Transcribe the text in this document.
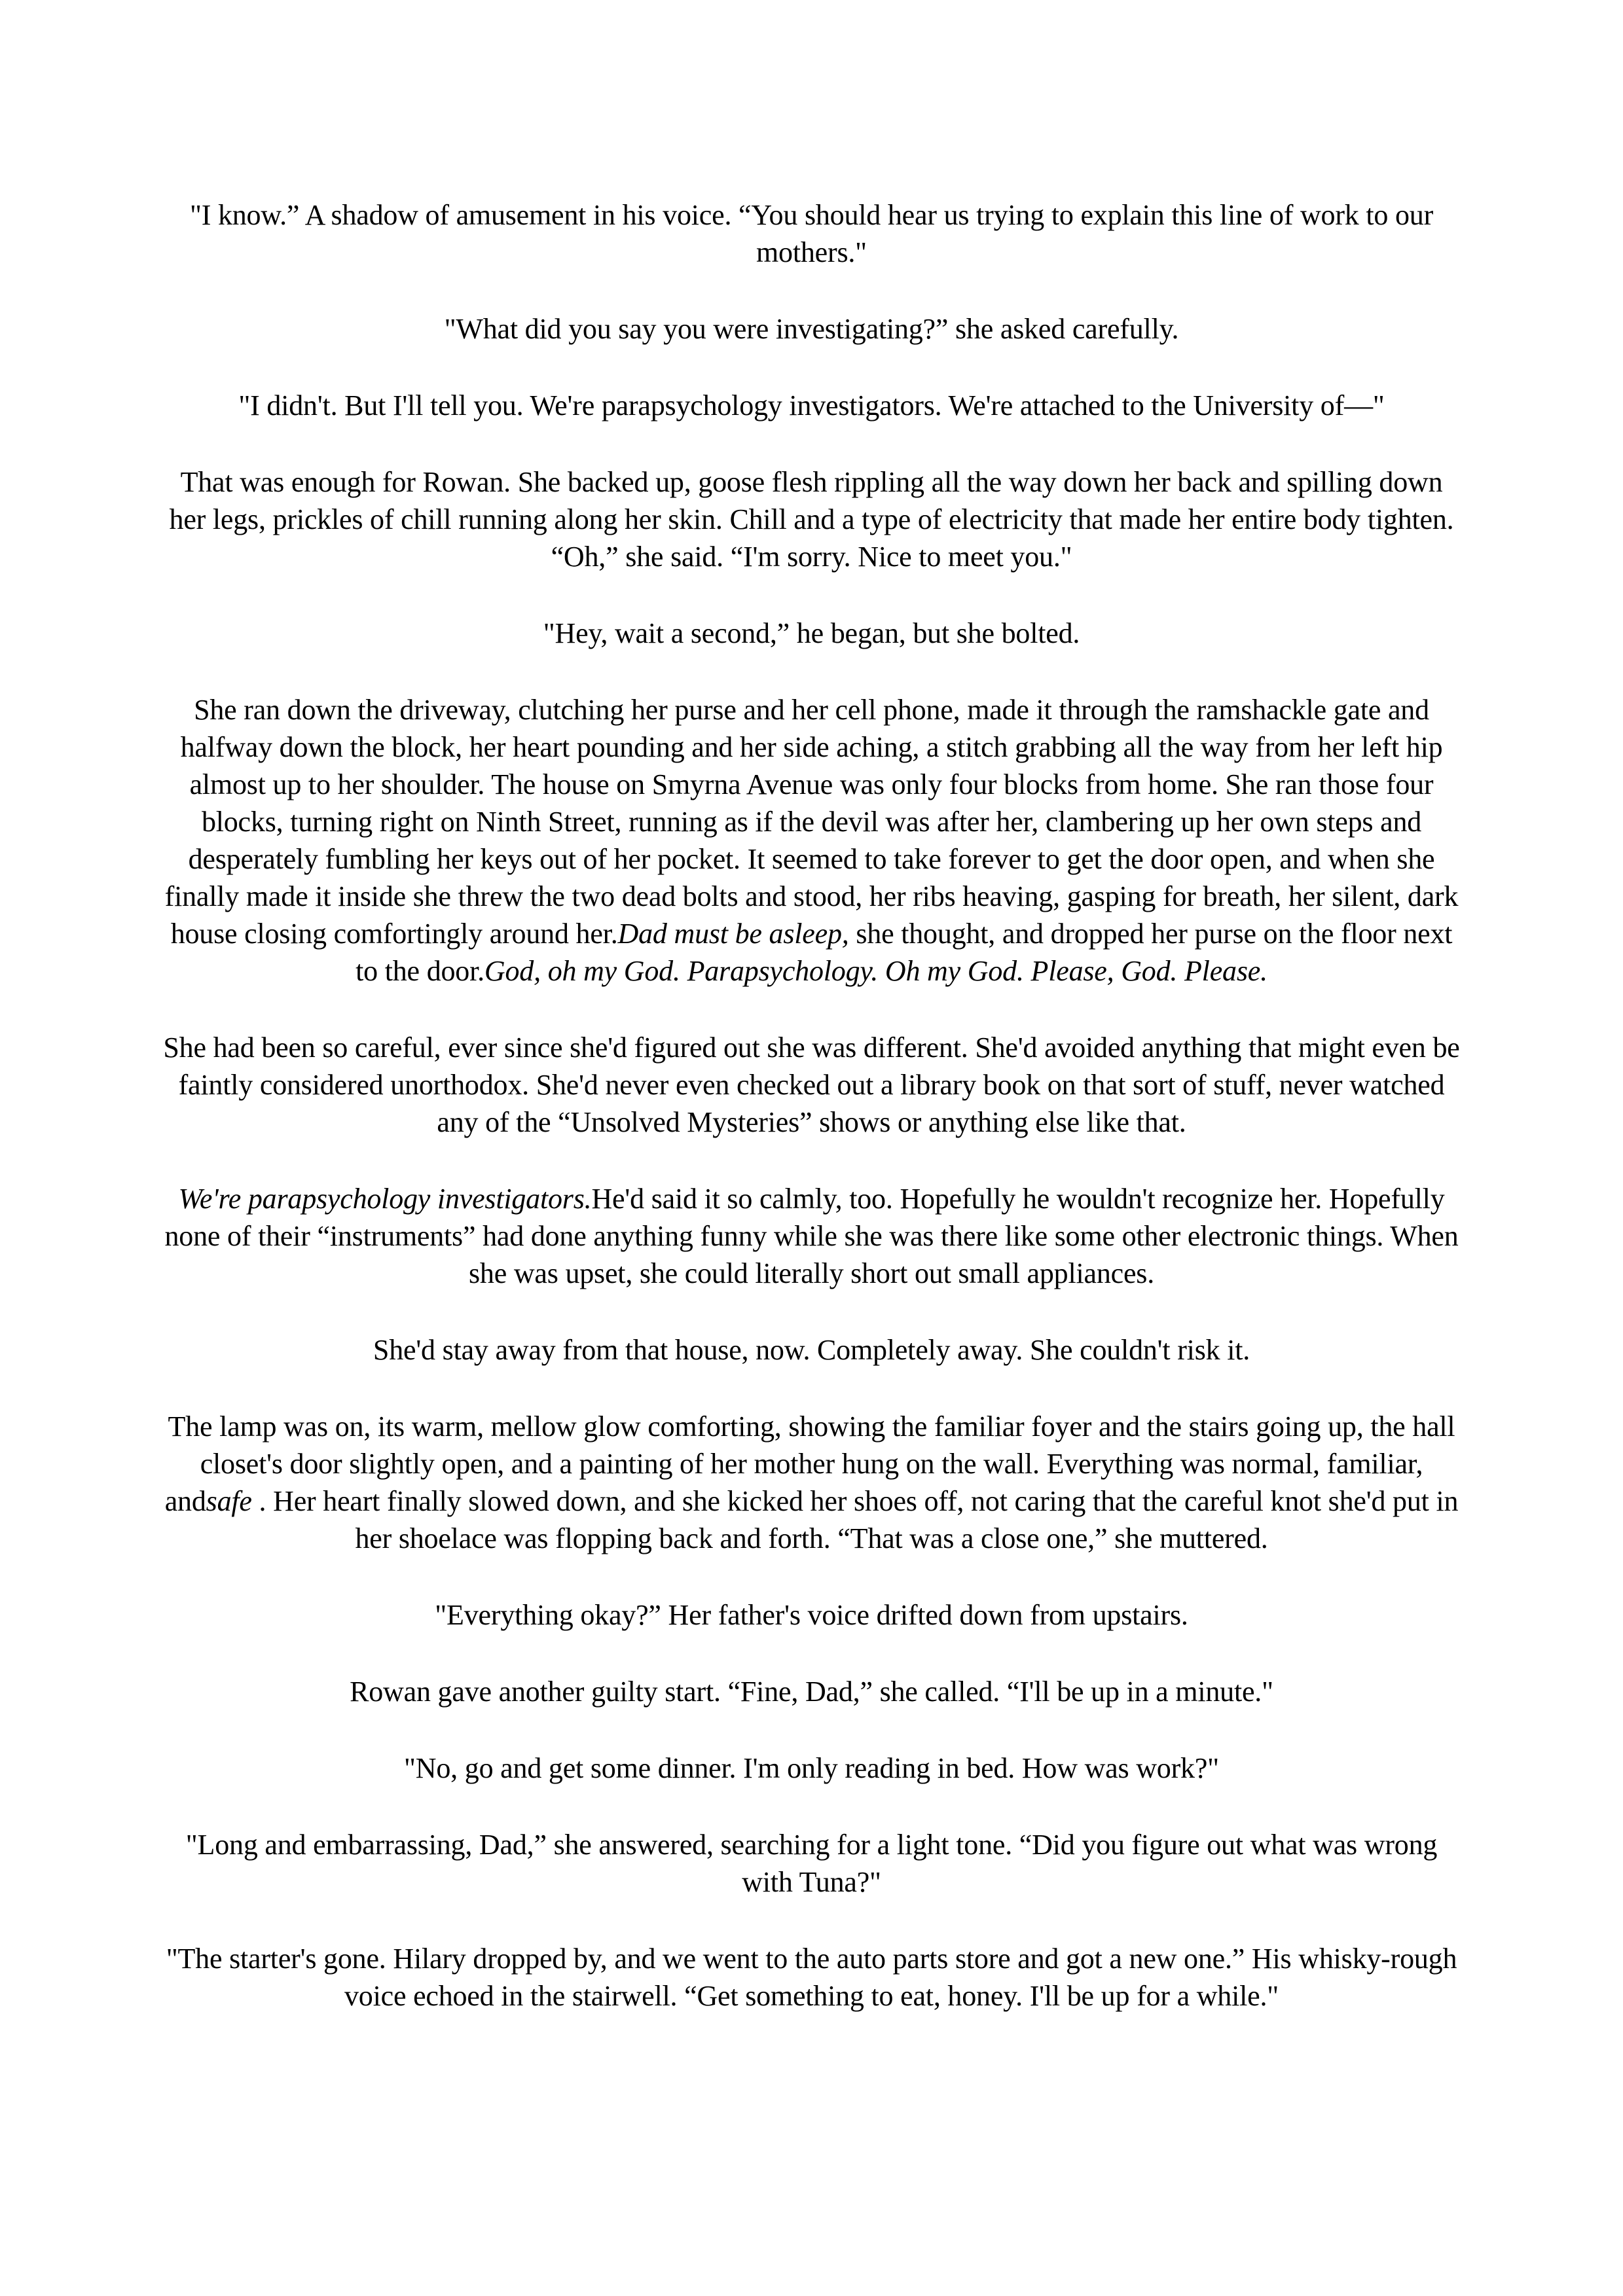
"I know.” A shadow of amusement in his voice. “You should hear us trying to explain this line of work to our mothers."

"What did you say you were investigating?” she asked carefully.

"I didn't. But I'll tell you. We're parapsychology investigators. We're attached to the University of—"

That was enough for Rowan. She backed up, goose flesh rippling all the way down her back and spilling down her legs, prickles of chill running along her skin. Chill and a type of electricity that made her entire body tighten. “Oh,” she said. “I'm sorry. Nice to meet you."

"Hey, wait a second,” he began, but she bolted.

She ran down the driveway, clutching her purse and her cell phone, made it through the ramshackle gate and halfway down the block, her heart pounding and her side aching, a stitch grabbing all the way from her left hip almost up to her shoulder. The house on Smyrna Avenue was only four blocks from home. She ran those four blocks, turning right on Ninth Street, running as if the devil was after her, clambering up her own steps and desperately fumbling her keys out of her pocket. It seemed to take forever to get the door open, and when she finally made it inside she threw the two dead bolts and stood, her ribs heaving, gasping for breath, her silent, dark house closing comfortingly around her.Dad must be asleep, she thought, and dropped her purse on the floor next to the door.God, oh my God. Parapsychology. Oh my God. Please, God. Please.

She had been so careful, ever since she'd figured out she was different. She'd avoided anything that might even be faintly considered unorthodox. She'd never even checked out a library book on that sort of stuff, never watched any of the “Unsolved Mysteries” shows or anything else like that.

We're parapsychology investigators.He'd said it so calmly, too. Hopefully he wouldn't recognize her. Hopefully none of their “instruments” had done anything funny while she was there like some other electronic things. When she was upset, she could literally short out small appliances.

She'd stay away from that house, now. Completely away. She couldn't risk it.

The lamp was on, its warm, mellow glow comforting, showing the familiar foyer and the stairs going up, the hall closet's door slightly open, and a painting of her mother hung on the wall. Everything was normal, familiar, andsafe . Her heart finally slowed down, and she kicked her shoes off, not caring that the careful knot she'd put in her shoelace was flopping back and forth. “That was a close one,” she muttered.

"Everything okay?” Her father's voice drifted down from upstairs.

Rowan gave another guilty start. “Fine, Dad,” she called. “I'll be up in a minute."

"No, go and get some dinner. I'm only reading in bed. How was work?"

"Long and embarrassing, Dad,” she answered, searching for a light tone. “Did you figure out what was wrong with Tuna?"

"The starter's gone. Hilary dropped by, and we went to the auto parts store and got a new one.” His whisky-rough voice echoed in the stairwell. “Get something to eat, honey. I'll be up for a while."
